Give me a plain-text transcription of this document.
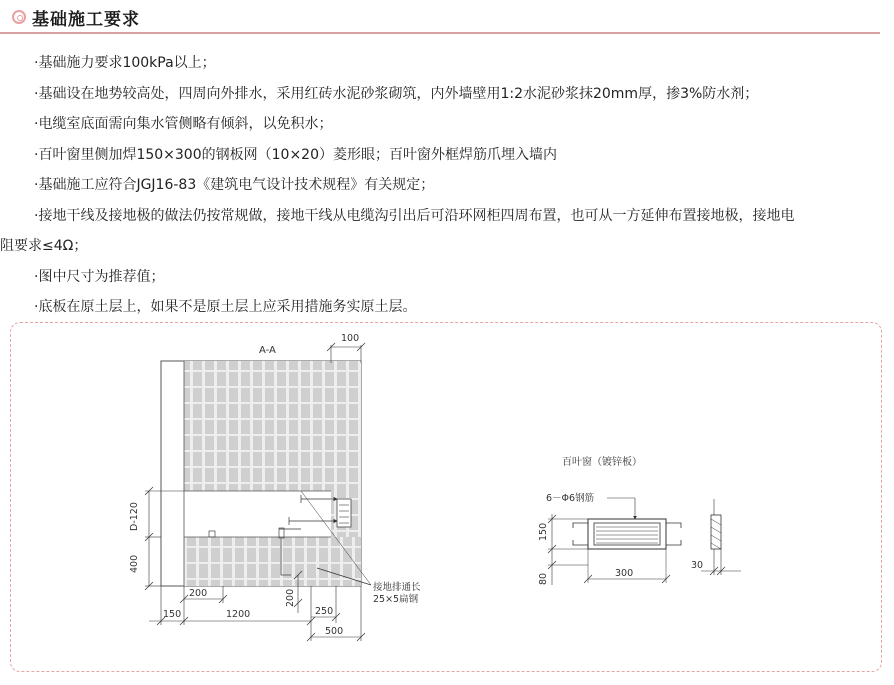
基础施工要求
·基础施力要求100kPa以上；
·基础设在地势较高处，四周向外排水，采用红砖水泥砂浆砌筑，内外墙壁用1:2水泥砂浆抹20mm厚，掺3%防水剂；
·电缆室底面需向集水管侧略有倾斜，以免积水；
·百叶窗里侧加焊150×300的钢板网（10×20）菱形眼；百叶窗外框焊筋爪埋入墙内
·基础施工应符合JGJ16-83《建筑电气设计技术规程》有关规定；
·接地干线及接地极的做法仍按常规做，接地干线从电缆沟引出后可沿环网柜四周布置，也可从一方延伸布置接地极，接地电
阻要求≤4Ω；
·图中尺寸为推荐值；
·底板在原土层上，如果不是原土层上应采用措施务实原土层。
A-A
接地排通长
25×5扁钢
100
D-120
400
150	1200
200	200
250
500
百叶窗（镀锌板）
6－Φ6钢筋
150
80	300
30
